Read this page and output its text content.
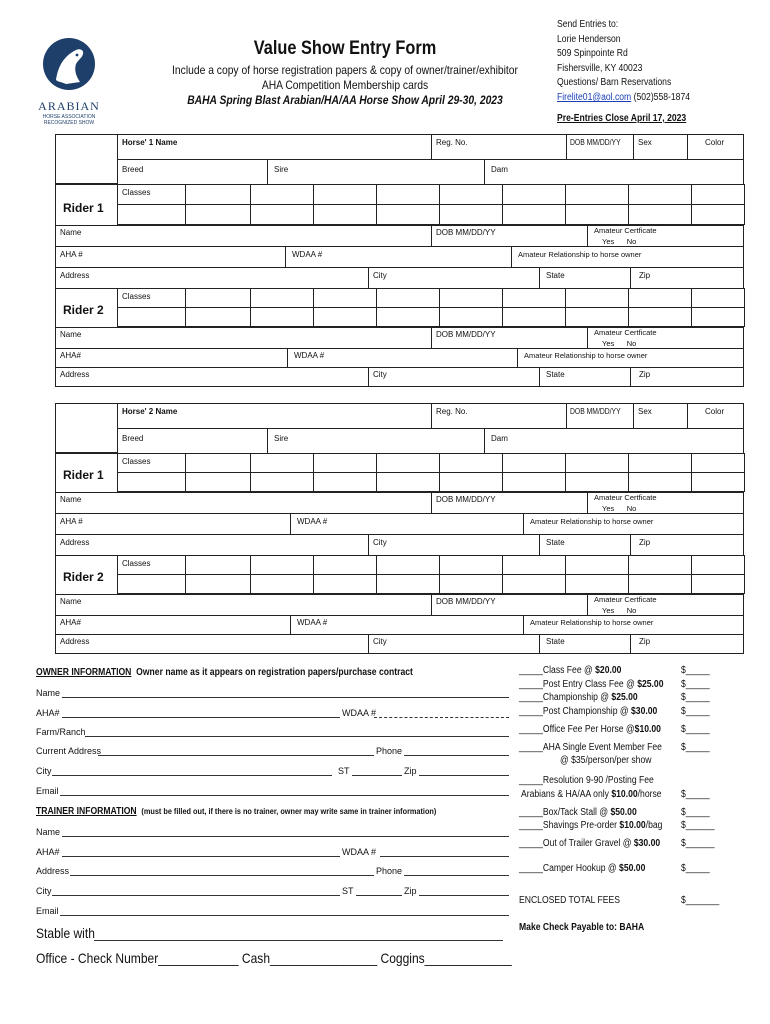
ARABIAN
HORSE ASSOCIATION
RECOGNIZED SHOW
Value Show Entry Form
Include a copy of horse registration papers & copy of owner/trainer/exhibitor
AHA Competition Membership cards
BAHA Spring Blast Arabian/HA/AA Horse Show April 29-30, 2023
Send Entries to:
Lorie Henderson
509 Spinpointe Rd
Fishersville, KY 40023
Questions/ Barn Reservations
Firelite01@aol.com (502)558-1874
Pre-Entries Close April 17, 2023
Horse' 1 Name	Reg. No.	DOB MM/DD/YY Sex	Color
Breed	Sire	Dam
Rider 1
Classes
Name	DOB MM/DD/YY	Amateur Certficate
Yes      No
AHA #	WDAA #	Amateur Relationship to horse owner
Address	City	State	Zip
Rider 2
Classes
Name	DOB MM/DD/YY	Amateur Certficate
Yes      No
AHA#	WDAA #	Amateur Relationship to horse owner
Address	City	State	Zip
Horse' 2 Name	Reg. No.	DOB MM/DD/YY Sex	Color
Breed	Sire	Dam
Rider 1
Classes
Name	DOB MM/DD/YY	Amateur Certficate
Yes      No
AHA #	WDAA #	Amateur Relationship to horse owner
Address	City	State	Zip
Rider 2
Classes
Name	DOB MM/DD/YY	Amateur Certficate
Yes      No
AHA#	WDAA #	Amateur Relationship to horse owner
Address	City	State	Zip
OWNER INFORMATION Owner name as it appears on registration papers/purchase contract
Name
AHA#	WDAA #
Farm/Ranch
Current Address	Phone
City	ST	Zip
Email
TRAINER INFORMATION (must be filled out, if there is no trainer, owner may write same in trainer information)
Name
AHA#	WDAA #
Address	Phone
City	ST	Zip
Email
Stable with
Office - Check Number____________ Cash________________ Coggins_____________
_____Class Fee @ $20.00	$_____
_____Post Entry Class Fee @ $25.00	$_____
_____Championship @ $25.00	$_____
_____Post Championship @ $30.00	$_____
_____Office Fee Per Horse @$10.00	$_____
_____AHA Single Event Member Fee	$_____
@ $35/person/per show
_____Resolution 9-90 /Posting Fee
Arabians & HA/AA only $10.00/horse	$_____
_____Box/Tack Stall @ $50.00	$_____
_____Shavings Pre-order $10.00/bag	$______
_____Out of Trailer Gravel @ $30.00	$______
_____Camper Hookup @ $50.00	$_____
ENCLOSED TOTAL FEES	$_______
Make Check Payable to: BAHA
